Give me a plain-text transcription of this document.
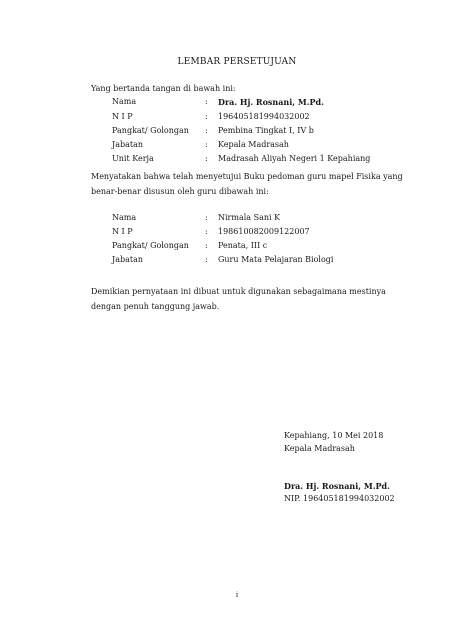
LEMBAR PERSETUJUAN
Yang bertanda tangan di bawah ini:
Nama	: Dra. Hj. Rosnani, M.Pd.
N I P	: 196405181994032002
Pangkat/ Golongan : Pembina Tingkat I, IV b
Jabatan	: Kepala Madrasah
Unit Kerja	: Madrasah Aliyah Negeri 1 Kepahiang
Menyatakan bahwa telah menyetujui Buku pedoman guru mapel Fisika yang benar-benar disusun oleh guru dibawah ini:
Nama	: Nirmala Sani K
N I P	: 198610082009122007
Pangkat/ Golongan : Penata, III c
Jabatan	: Guru Mata Pelajaran Biologi
Demikian pernyataan ini dibuat untuk digunakan sebagaimana mestinya dengan penuh tanggung jawab.
Kepahiang, 10 Mei 2018
Kepala Madrasah
Dra. Hj. Rosnani, M.Pd.
NIP. 196405181994032002
i
